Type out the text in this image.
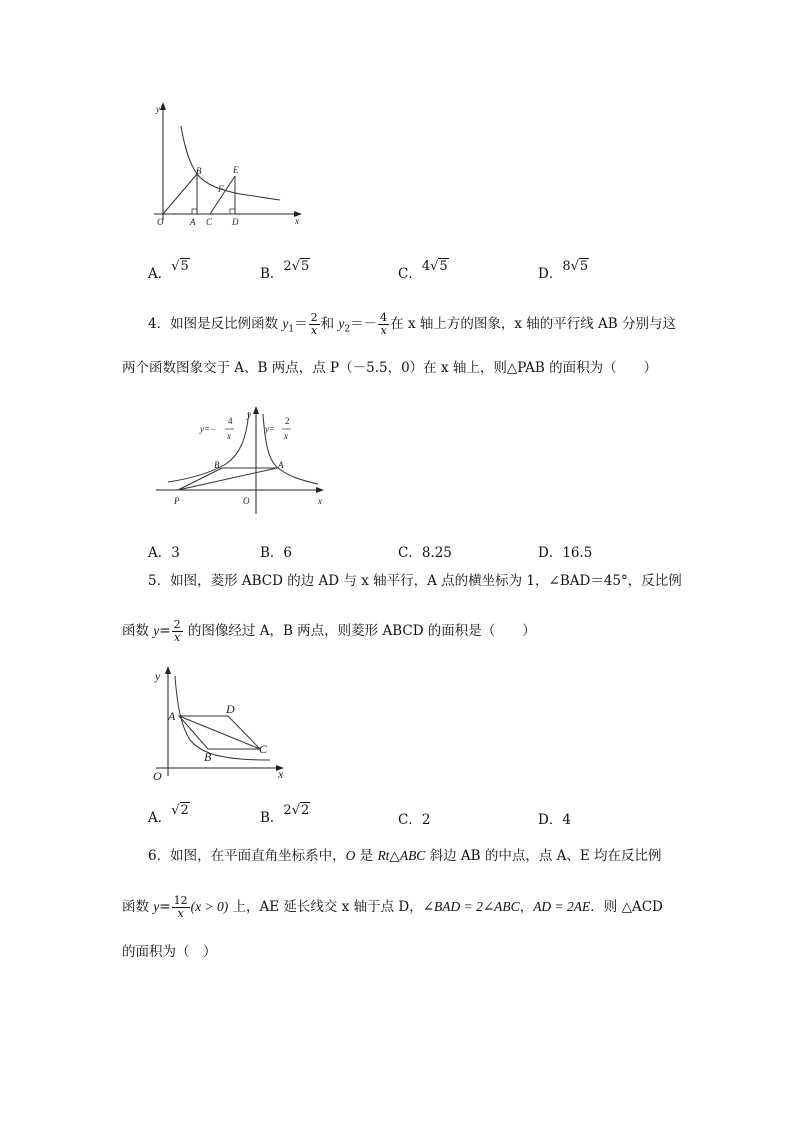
y
x
O	A
B
C D
E
F
A．√5	B．2√5	C．4√5	D．8√5
4．如图是反比例函数 $y_1= \frac{2}{x}$ 和 $y_2=- \frac{4}{x}$ 在 x 轴上方的图象，x 轴的平行线 AB 分别与这
两个函数图象交于 A、B 两点，点 P（－5.5，0）在 x 轴上，则△PAB 的面积为（　　）
y
x
O
P
B	A
y=−
4
x
y=
2
x
A．3	B．6	C．8.25	D．16.5
5．如图，菱形 ABCD 的边 AD 与 x 轴平行，A 点的横坐标为 1，∠BAD＝45°，反比例
函数 $y= \frac{2}{x}$ 的图像经过 A，B 两点，则菱形 ABCD 的面积是（　　）
y
x
O
A	D
C
B
A．√2	B．2√2
C．2	D．4
6．如图，在平面直角坐标系中，O 是 Rt△ABC 斜边 AB 的中点，点 A、E 均在反比例
函数 $y= \frac{12}{x} (x > 0)$ 上，AE 延长线交 x 轴于点 D，∠BAD = 2∠ABC，AD = 2AE．则 △ACD
的面积为（　）
